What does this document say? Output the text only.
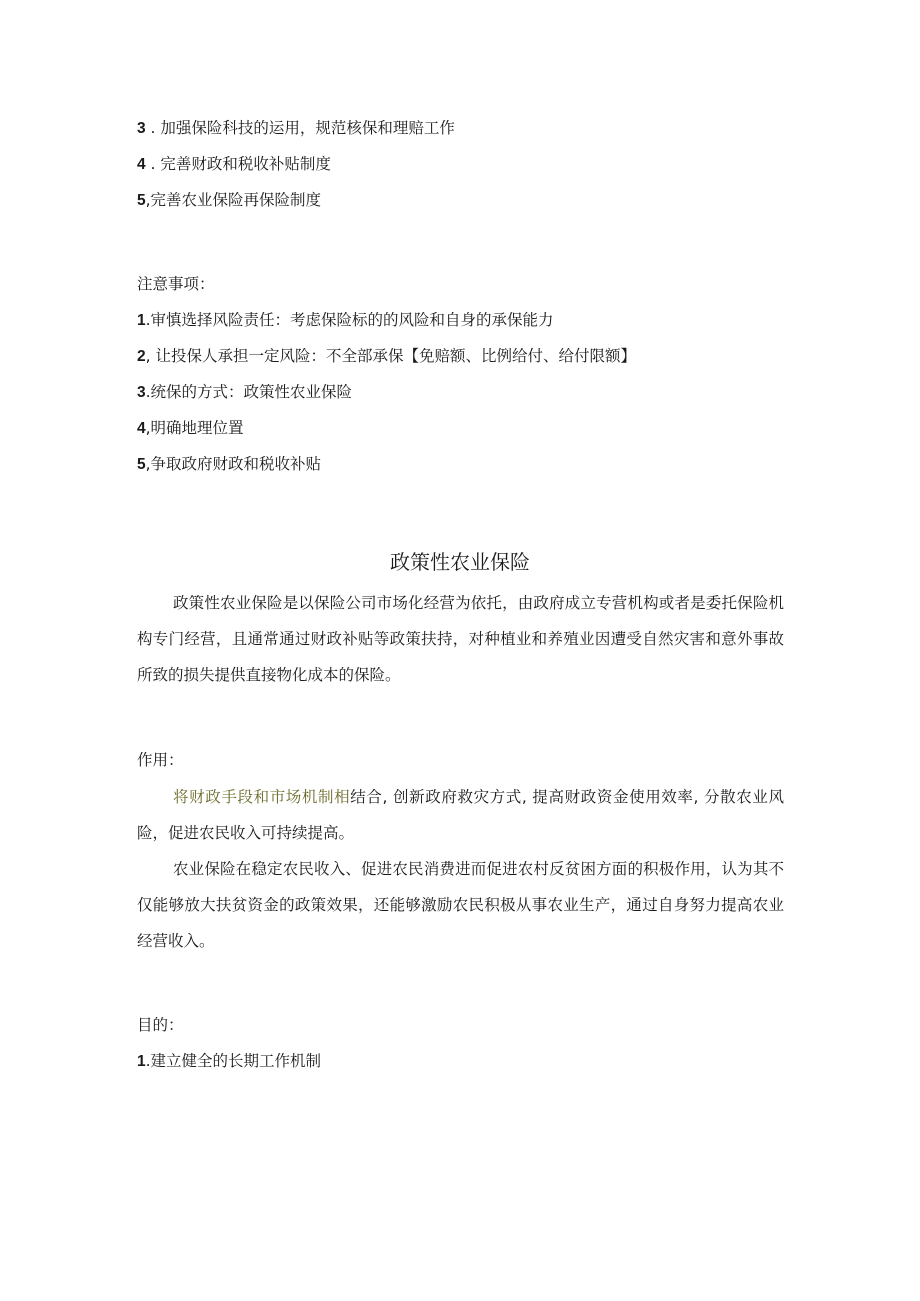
3 . 加强保险科技的运用，规范核保和理赔工作
4 . 完善财政和税收补贴制度
5,完善农业保险再保险制度
注意事项：
1.审慎选择风险责任：考虑保险标的的风险和自身的承保能力
2, 让投保人承担一定风险：不全部承保【免赔额、比例给付、给付限额】
3.统保的方式：政策性农业保险
4,明确地理位置
5,争取政府财政和税收补贴
政策性农业保险
政策性农业保险是以保险公司市场化经营为依托，由政府成立专营机构或者是委托保险机构专门经营，且通常通过财政补贴等政策扶持，对种植业和养殖业因遭受自然灾害和意外事故所致的损失提供直接物化成本的保险。
作用：
将财政手段和市场机制相结合, 创新政府救灾方式, 提高财政资金使用效率, 分散农业风险，促进农民收入可持续提高。
农业保险在稳定农民收入、促进农民消费进而促进农村反贫困方面的积极作用，认为其不仅能够放大扶贫资金的政策效果，还能够激励农民积极从事农业生产，通过自身努力提高农业经营收入。
目的：
1.建立健全的长期工作机制
